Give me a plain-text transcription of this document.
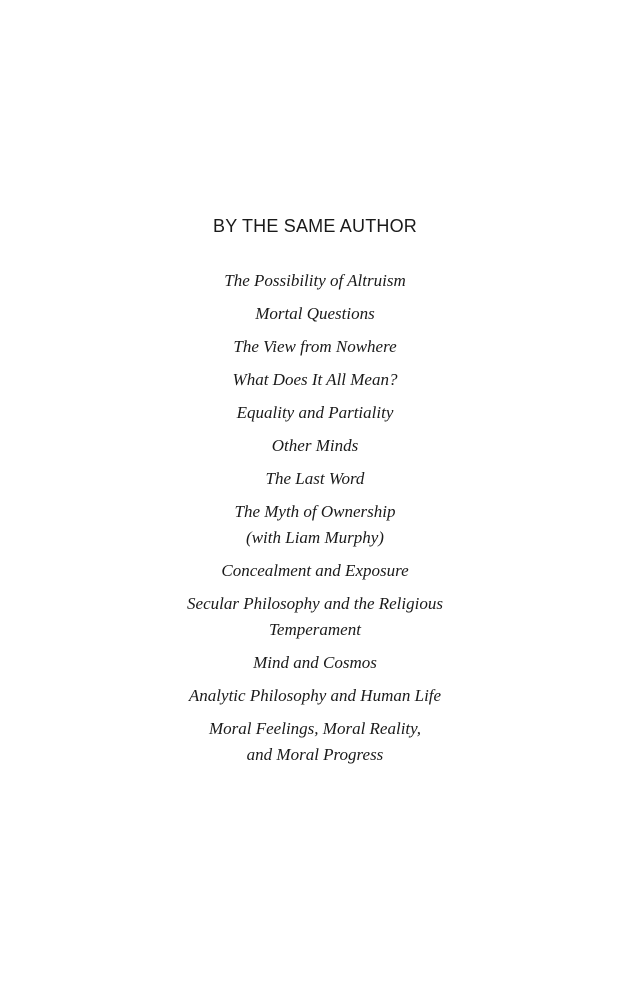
BY THE SAME AUTHOR
The Possibility of Altruism
Mortal Questions
The View from Nowhere
What Does It All Mean?
Equality and Partiality
Other Minds
The Last Word
The Myth of Ownership
(with Liam Murphy)
Concealment and Exposure
Secular Philosophy and the Religious
Temperament
Mind and Cosmos
Analytic Philosophy and Human Life
Moral Feelings, Moral Reality,
and Moral Progress
